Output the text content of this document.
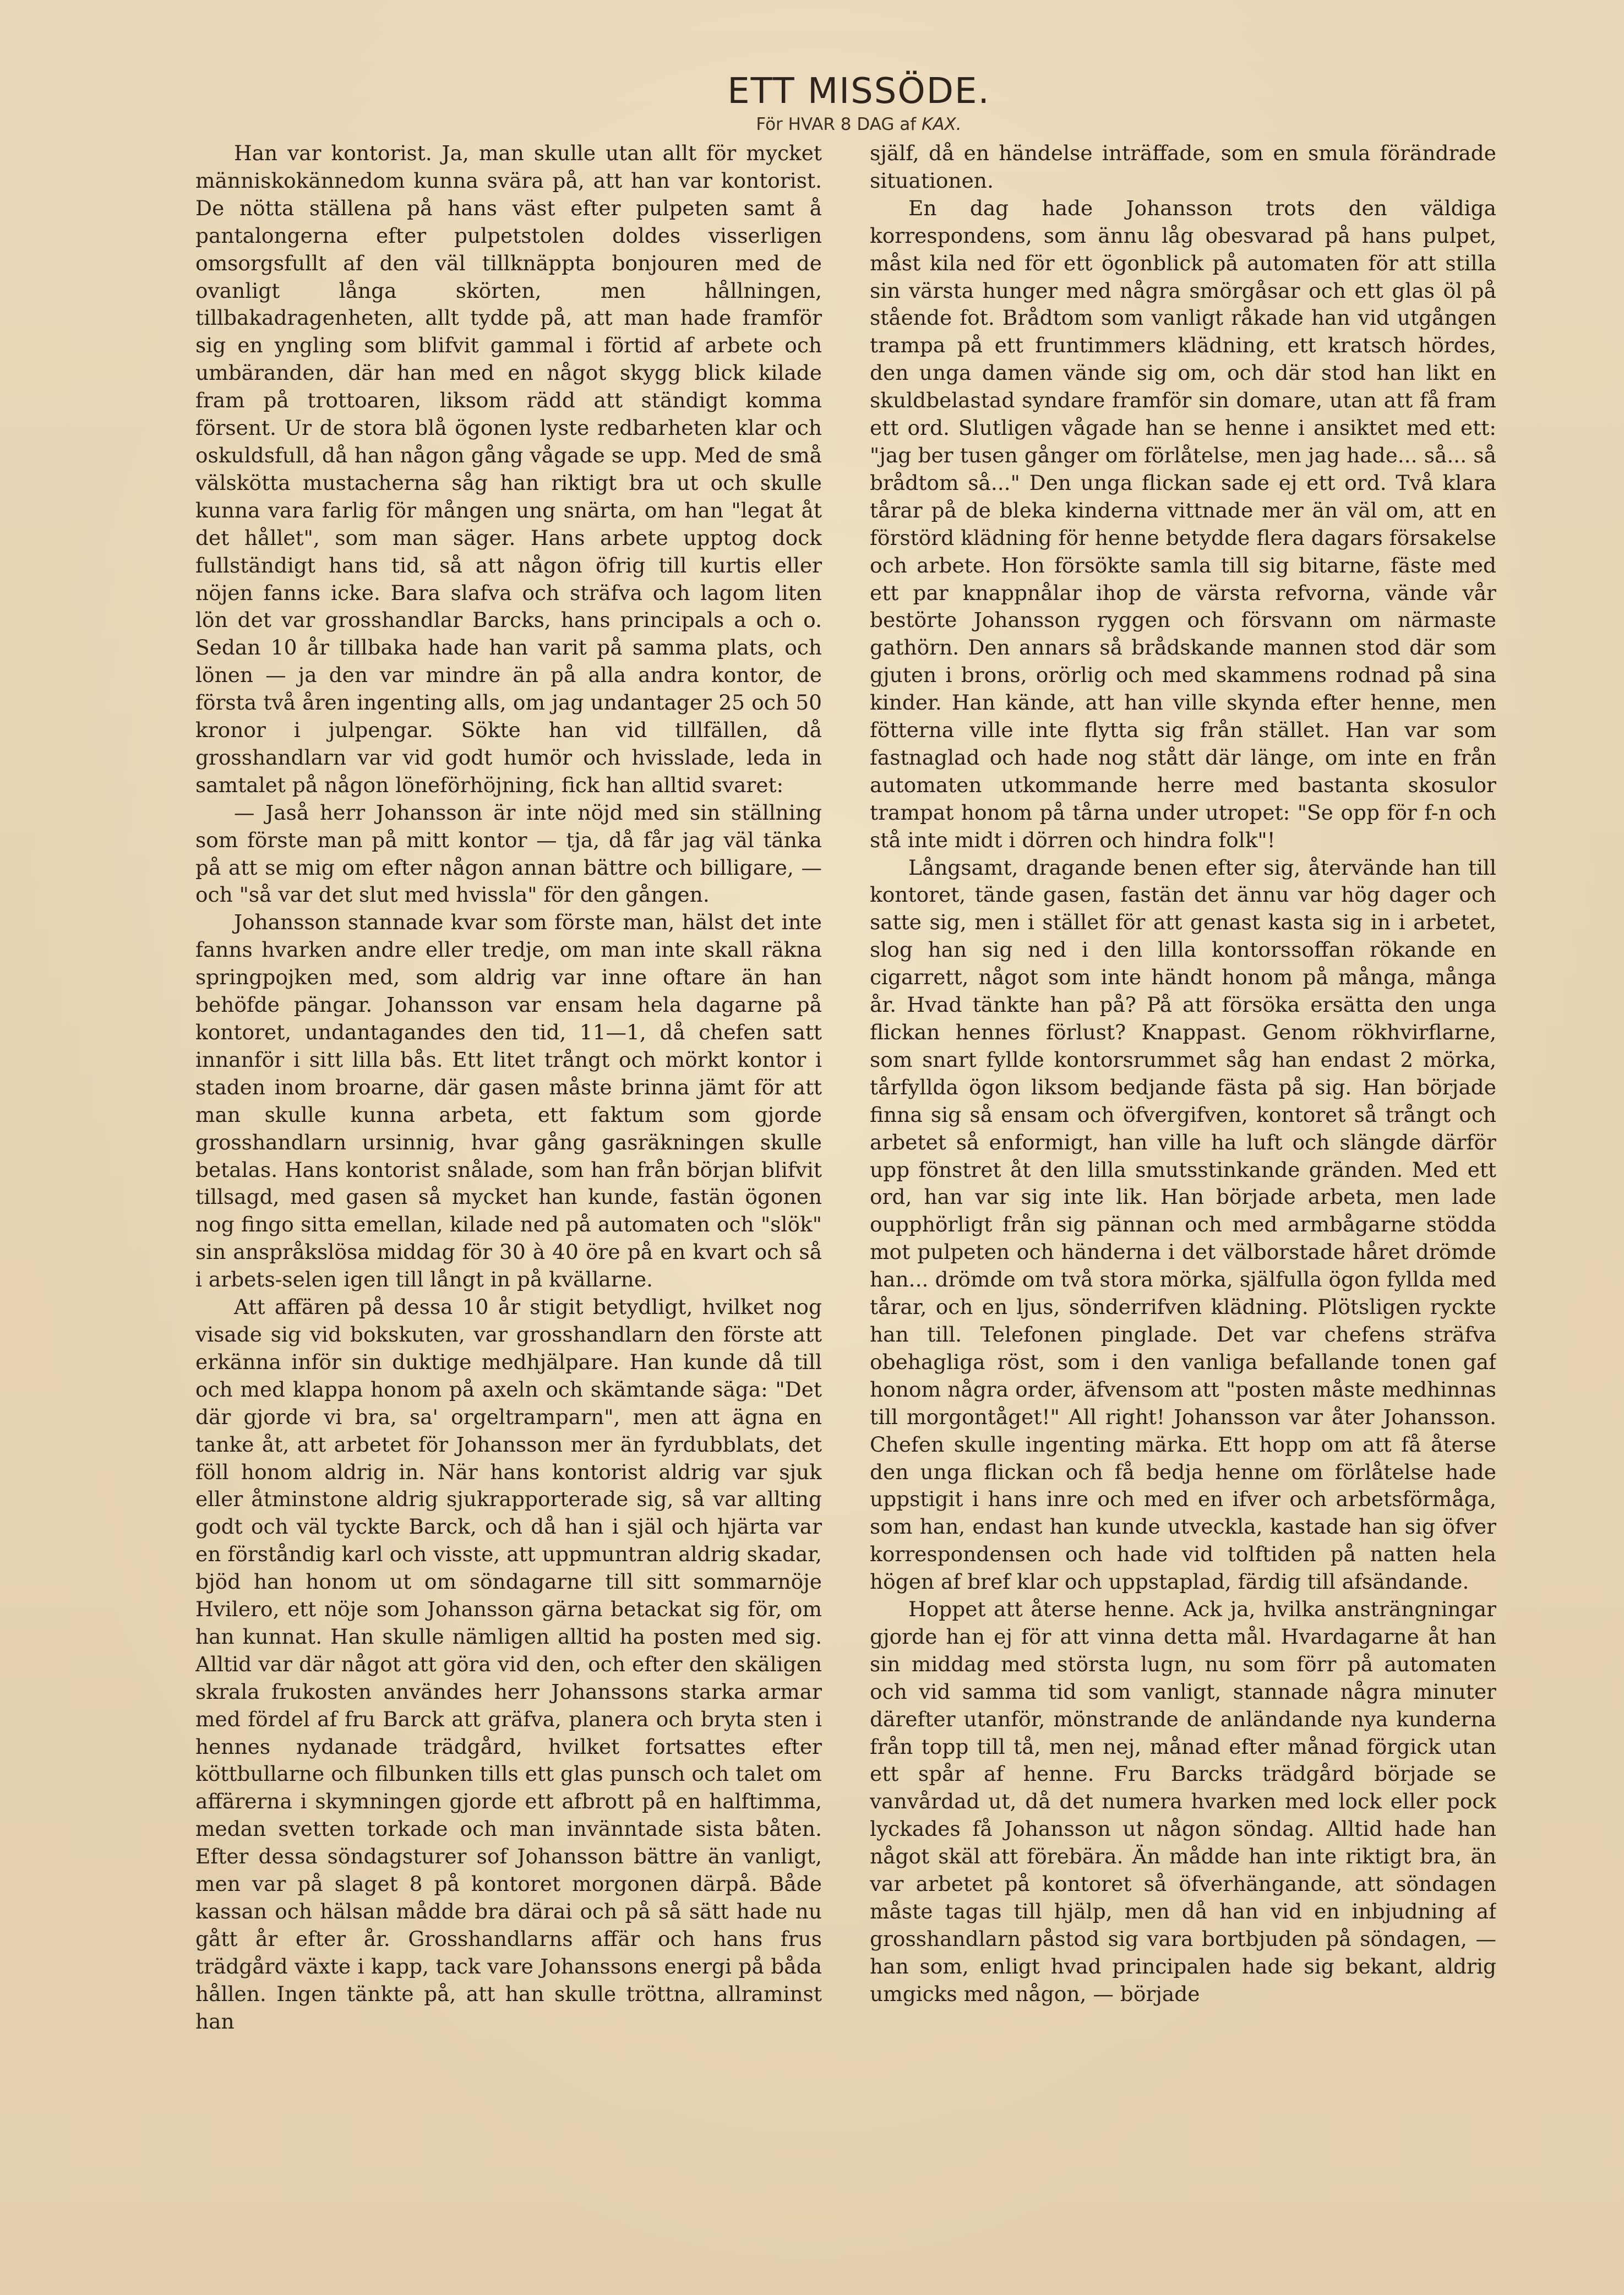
ETT MISSÖDE.
För HVAR 8 DAG af KAX.

Han var kontorist. Ja, man skulle utan allt för mycket människokännedom kunna svära på, att han var kontorist. De nötta ställena på hans väst efter pulpeten samt å pantalongerna efter pulpetstolen doldes visserligen omsorgsfullt af den väl tillknäppta bonjouren med de ovanligt långa skörten, men hållningen, tillbakadragenheten, allt tydde på, att man hade framför sig en yngling som blifvit gammal i förtid af arbete och umbäranden, där han med en något skygg blick kilade fram på trottoaren, liksom rädd att ständigt komma försent. Ur de stora blå ögonen lyste redbarheten klar och oskuldsfull, då han någon gång vågade se upp. Med de små välskötta mustacherna såg han riktigt bra ut och skulle kunna vara farlig för mången ung snärta, om han "legat åt det hållet", som man säger. Hans arbete upptog dock fullständigt hans tid, så att någon öfrig till kurtis eller nöjen fanns icke. Bara slafva och sträfva och lagom liten lön det var grosshandlar Barcks, hans principals a och o. Sedan 10 år tillbaka hade han varit på samma plats, och lönen — ja den var mindre än på alla andra kontor, de första två åren ingenting alls, om jag undantager 25 och 50 kronor i julpengar. Sökte han vid tillfällen, då grosshandlarn var vid godt humör och hvisslade, leda in samtalet på någon löneförhöjning, fick han alltid svaret:

— Jaså herr Johansson är inte nöjd med sin ställning som förste man på mitt kontor — tja, då får jag väl tänka på att se mig om efter någon annan bättre och billigare, — och "så var det slut med hvissla" för den gången.

Johansson stannade kvar som förste man, hälst det inte fanns hvarken andre eller tredje, om man inte skall räkna springpojken med, som aldrig var inne oftare än han behöfde pängar. Johansson var ensam hela dagarne på kontoret, undantagandes den tid, 11—1, då chefen satt innanför i sitt lilla bås. Ett litet trångt och mörkt kontor i staden inom broarne, där gasen måste brinna jämt för att man skulle kunna arbeta, ett faktum som gjorde grosshandlarn ursinnig, hvar gång gasräkningen skulle betalas. Hans kontorist snålade, som han från början blifvit tillsagd, med gasen så mycket han kunde, fastän ögonen nog fingo sitta emellan, kilade ned på automaten och "slök" sin anspråkslösa middag för 30 à 40 öre på en kvart och så i arbets-selen igen till långt in på kvällarne.

Att affären på dessa 10 år stigit betydligt, hvilket nog visade sig vid bokskuten, var grosshandlarn den förste att erkänna inför sin duktige medhjälpare. Han kunde då till och med klappa honom på axeln och skämtande säga: "Det där gjorde vi bra, sa' orgeltramparn", men att ägna en tanke åt, att arbetet för Johansson mer än fyrdubblats, det föll honom aldrig in. När hans kontorist aldrig var sjuk eller åtminstone aldrig sjukrapporterade sig, så var allting godt och väl tyckte Barck, och då han i själ och hjärta var en förståndig karl och visste, att uppmuntran aldrig skadar, bjöd han honom ut om söndagarne till sitt sommarnöje Hvilero, ett nöje som Johansson gärna betackat sig för, om han kunnat. Han skulle nämligen alltid ha posten med sig. Alltid var där något att göra vid den, och efter den skäligen skrala frukosten användes herr Johanssons starka armar med fördel af fru Barck att gräfva, planera och bryta sten i hennes nydanade trädgård, hvilket fortsattes efter köttbullarne och filbunken tills ett glas punsch och talet om affärerna i skymningen gjorde ett afbrott på en halftimma, medan svetten torkade och man invänntade sista båten. Efter dessa söndagsturer sof Johansson bättre än vanligt, men var på slaget 8 på kontoret morgonen därpå. Både kassan och hälsan mådde bra därai och på så sätt hade nu gått år efter år. Grosshandlarns affär och hans frus trädgård växte i kapp, tack vare Johanssons energi på båda hållen. Ingen tänkte på, att han skulle tröttna, allraminst han

själf, då en händelse inträffade, som en smula förändrade situationen.

En dag hade Johansson trots den väldiga korrespondens, som ännu låg obesvarad på hans pulpet, måst kila ned för ett ögonblick på automaten för att stilla sin värsta hunger med några smörgåsar och ett glas öl på stående fot. Brådtom som vanligt råkade han vid utgången trampa på ett fruntimmers klädning, ett kratsch hördes, den unga damen vände sig om, och där stod han likt en skuldbelastad syndare framför sin domare, utan att få fram ett ord. Slutligen vågade han se henne i ansiktet med ett: "jag ber tusen gånger om förlåtelse, men jag hade... så... så brådtom så..." Den unga flickan sade ej ett ord. Två klara tårar på de bleka kinderna vittnade mer än väl om, att en förstörd klädning för henne betydde flera dagars försakelse och arbete. Hon försökte samla till sig bitarne, fäste med ett par knappnålar ihop de värsta refvorna, vände vår bestörte Johansson ryggen och försvann om närmaste gathörn. Den annars så brådskande mannen stod där som gjuten i brons, orörlig och med skammens rodnad på sina kinder. Han kände, att han ville skynda efter henne, men fötterna ville inte flytta sig från stället. Han var som fastnaglad och hade nog stått där länge, om inte en från automaten utkommande herre med bastanta skosulor trampat honom på tårna under utropet: "Se opp för f-n och stå inte midt i dörren och hindra folk"!

Långsamt, dragande benen efter sig, återvände han till kontoret, tände gasen, fastän det ännu var hög dager och satte sig, men i stället för att genast kasta sig in i arbetet, slog han sig ned i den lilla kontorssoffan rökande en cigarrett, något som inte händt honom på många, många år. Hvad tänkte han på? På att försöka ersätta den unga flickan hennes förlust? Knappast. Genom rökhvirflarne, som snart fyllde kontorsrummet såg han endast 2 mörka, tårfyllda ögon liksom bedjande fästa på sig. Han började finna sig så ensam och öfvergifven, kontoret så trångt och arbetet så enformigt, han ville ha luft och slängde därför upp fönstret åt den lilla smutsstinkande gränden. Med ett ord, han var sig inte lik. Han började arbeta, men lade oupphörligt från sig pännan och med armbågarne stödda mot pulpeten och händerna i det välborstade håret drömde han... drömde om två stora mörka, själfulla ögon fyllda med tårar, och en ljus, sönderrifven klädning. Plötsligen ryckte han till. Telefonen pinglade. Det var chefens sträfva obehagliga röst, som i den vanliga befallande tonen gaf honom några order, äfvensom att "posten måste medhinnas till morgontåget!" All right! Johansson var åter Johansson. Chefen skulle ingenting märka. Ett hopp om att få återse den unga flickan och få bedja henne om förlåtelse hade uppstigit i hans inre och med en ifver och arbetsförmåga, som han, endast han kunde utveckla, kastade han sig öfver korrespondensen och hade vid tolftiden på natten hela högen af bref klar och uppstaplad, färdig till afsändande.

Hoppet att återse henne. Ack ja, hvilka ansträngningar gjorde han ej för att vinna detta mål. Hvardagarne åt han sin middag med största lugn, nu som förr på automaten och vid samma tid som vanligt, stannade några minuter därefter utanför, mönstrande de anländande nya kunderna från topp till tå, men nej, månad efter månad förgick utan ett spår af henne. Fru Barcks trädgård började se vanvårdad ut, då det numera hvarken med lock eller pock lyckades få Johansson ut någon söndag. Alltid hade han något skäl att förebära. Än mådde han inte riktigt bra, än var arbetet på kontoret så öfverhängande, att söndagen måste tagas till hjälp, men då han vid en inbjudning af grosshandlarn påstod sig vara bortbjuden på söndagen, — han som, enligt hvad principalen hade sig bekant, aldrig umgicks med någon, — började
